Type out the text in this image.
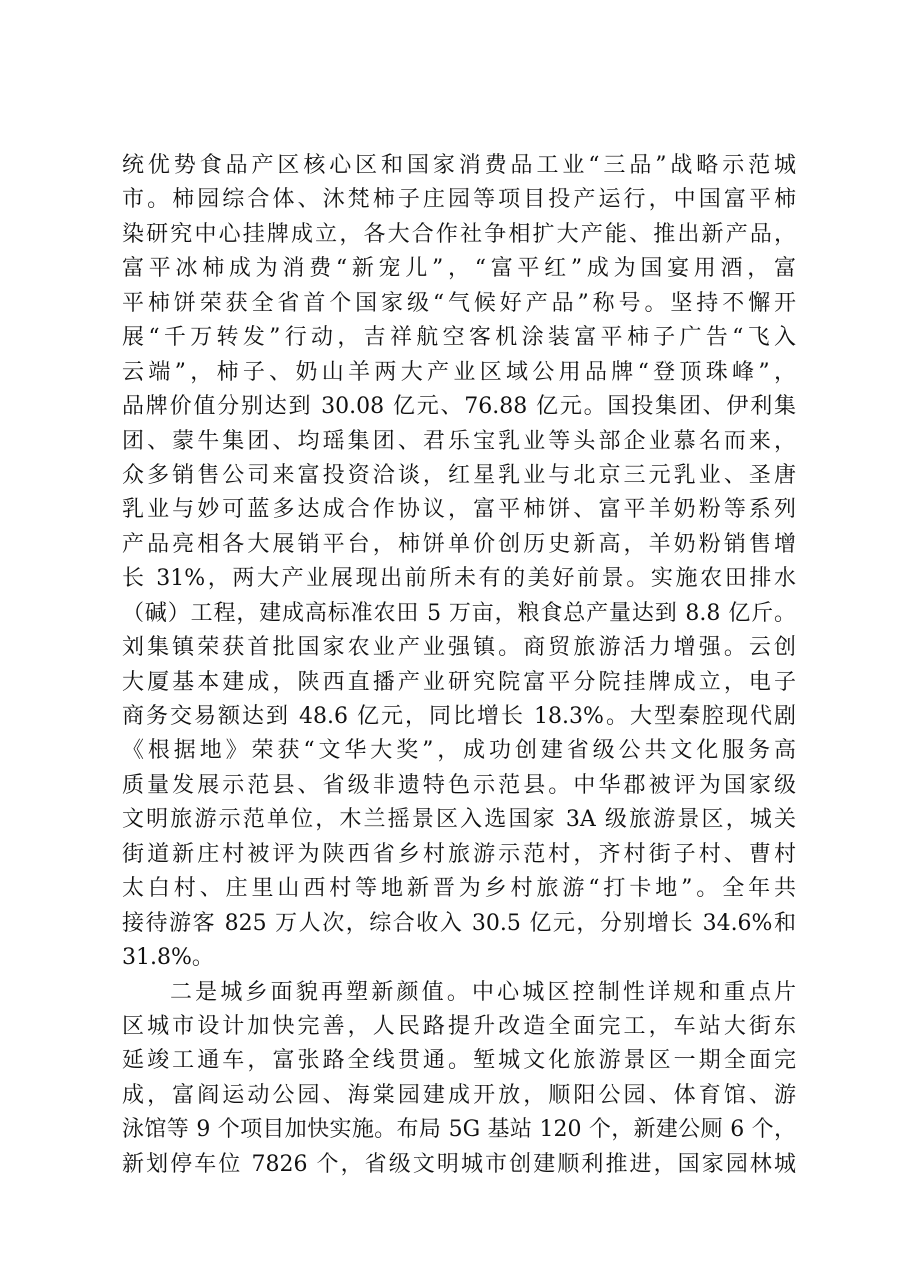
统优势食品产区核心区和国家消费品工业“三品”战略示范城
市。柿园综合体、沐梵柿子庄园等项目投产运行，中国富平柿
染研究中心挂牌成立，各大合作社争相扩大产能、推出新产品，
富平冰柿成为消费“新宠儿”，“富平红”成为国宴用酒，富
平柿饼荣获全省首个国家级“气候好产品”称号。坚持不懈开
展“千万转发”行动，吉祥航空客机涂装富平柿子广告“飞入
云端”，柿子、奶山羊两大产业区域公用品牌“登顶珠峰”，
品牌价值分别达到 30.08 亿元、76.88 亿元。国投集团、伊利集
团、蒙牛集团、均瑶集团、君乐宝乳业等头部企业慕名而来，
众多销售公司来富投资洽谈，红星乳业与北京三元乳业、圣唐
乳业与妙可蓝多达成合作协议，富平柿饼、富平羊奶粉等系列
产品亮相各大展销平台，柿饼单价创历史新高，羊奶粉销售增
长 31%，两大产业展现出前所未有的美好前景。实施农田排水
（碱）工程，建成高标准农田 5 万亩，粮食总产量达到 8.8 亿斤。
刘集镇荣获首批国家农业产业强镇。商贸旅游活力增强。云创
大厦基本建成，陕西直播产业研究院富平分院挂牌成立，电子
商务交易额达到 48.6 亿元，同比增长 18.3%。大型秦腔现代剧
《根据地》荣获“文华大奖”，成功创建省级公共文化服务高
质量发展示范县、省级非遗特色示范县。中华郡被评为国家级
文明旅游示范单位，木兰摇景区入选国家 3A 级旅游景区，城关
街道新庄村被评为陕西省乡村旅游示范村，齐村街子村、曹村
太白村、庄里山西村等地新晋为乡村旅游“打卡地”。全年共
接待游客 825 万人次，综合收入 30.5 亿元，分别增长 34.6%和
31.8%。
二是城乡面貌再塑新颜值。中心城区控制性详规和重点片
区城市设计加快完善，人民路提升改造全面完工，车站大街东
延竣工通车，富张路全线贯通。堑城文化旅游景区一期全面完
成，富阎运动公园、海棠园建成开放，顺阳公园、体育馆、游
泳馆等 9 个项目加快实施。布局 5G 基站 120 个，新建公厕 6 个，
新划停车位 7826 个，省级文明城市创建顺利推进，国家园林城
